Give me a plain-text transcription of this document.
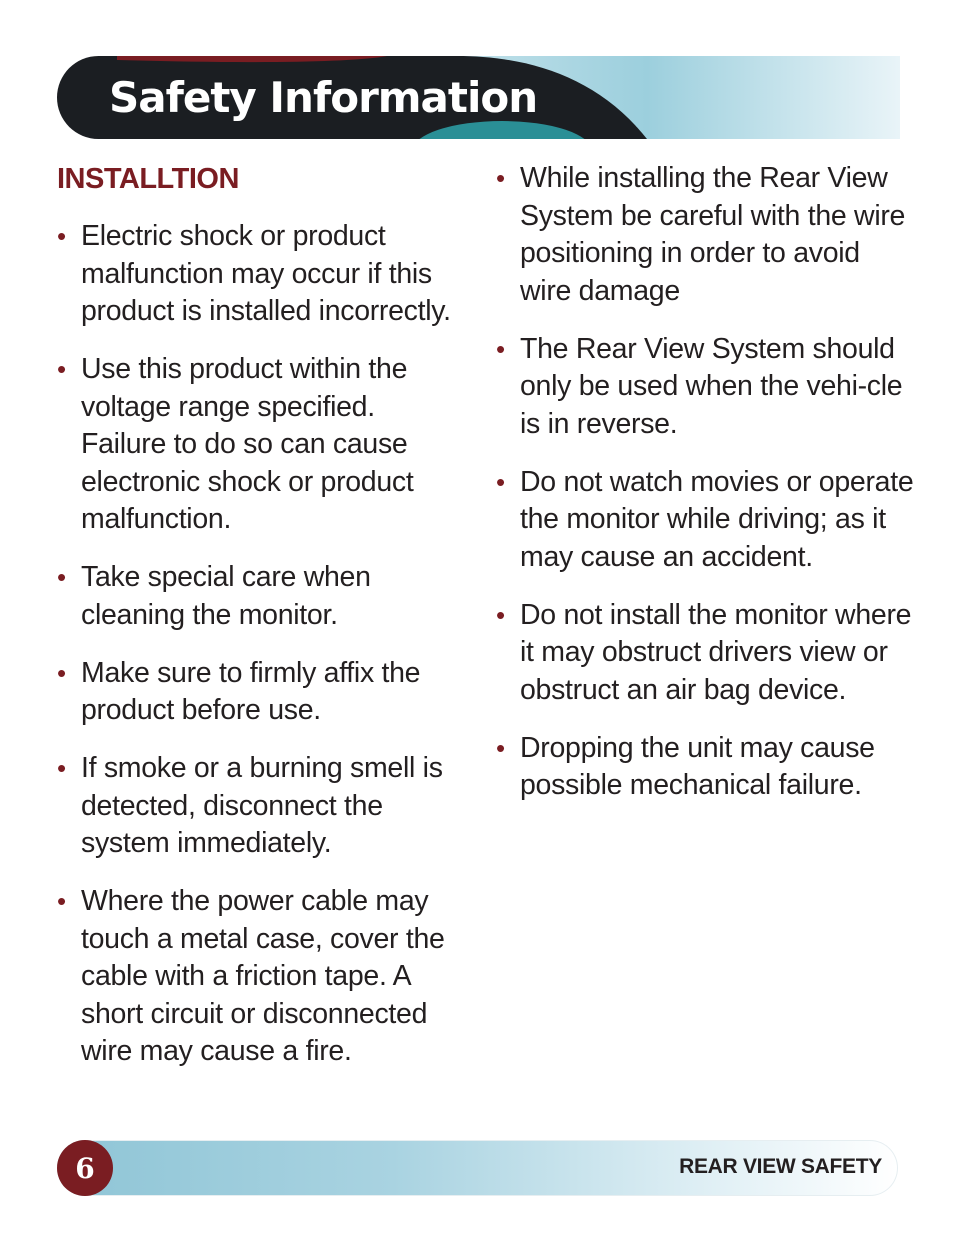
Safety Information
INSTALLTION
• Electric shock or product malfunction may occur if this product is installed incorrectly.
• Use this product within the voltage range specified. Failure to do so can cause electronic shock or product malfunction.
• Take special care when cleaning the monitor.
• Make sure to firmly affix the product before use.
• If smoke or a burning smell is detected, disconnect the system immediately.
• Where the power cable may touch a metal case, cover the cable with a friction tape. A short circuit or disconnected wire may cause a fire.
• While installing the Rear View System be careful with the wire positioning in order to avoid wire damage
• The Rear View System should only be used when the vehi-cle is in reverse.
• Do not watch movies or operate the monitor while driving; as it may cause an accident.
• Do not install the monitor where it may obstruct drivers view or obstruct an air bag device.
• Dropping the unit may cause possible mechanical failure.
6	REAR VIEW SAFETY
